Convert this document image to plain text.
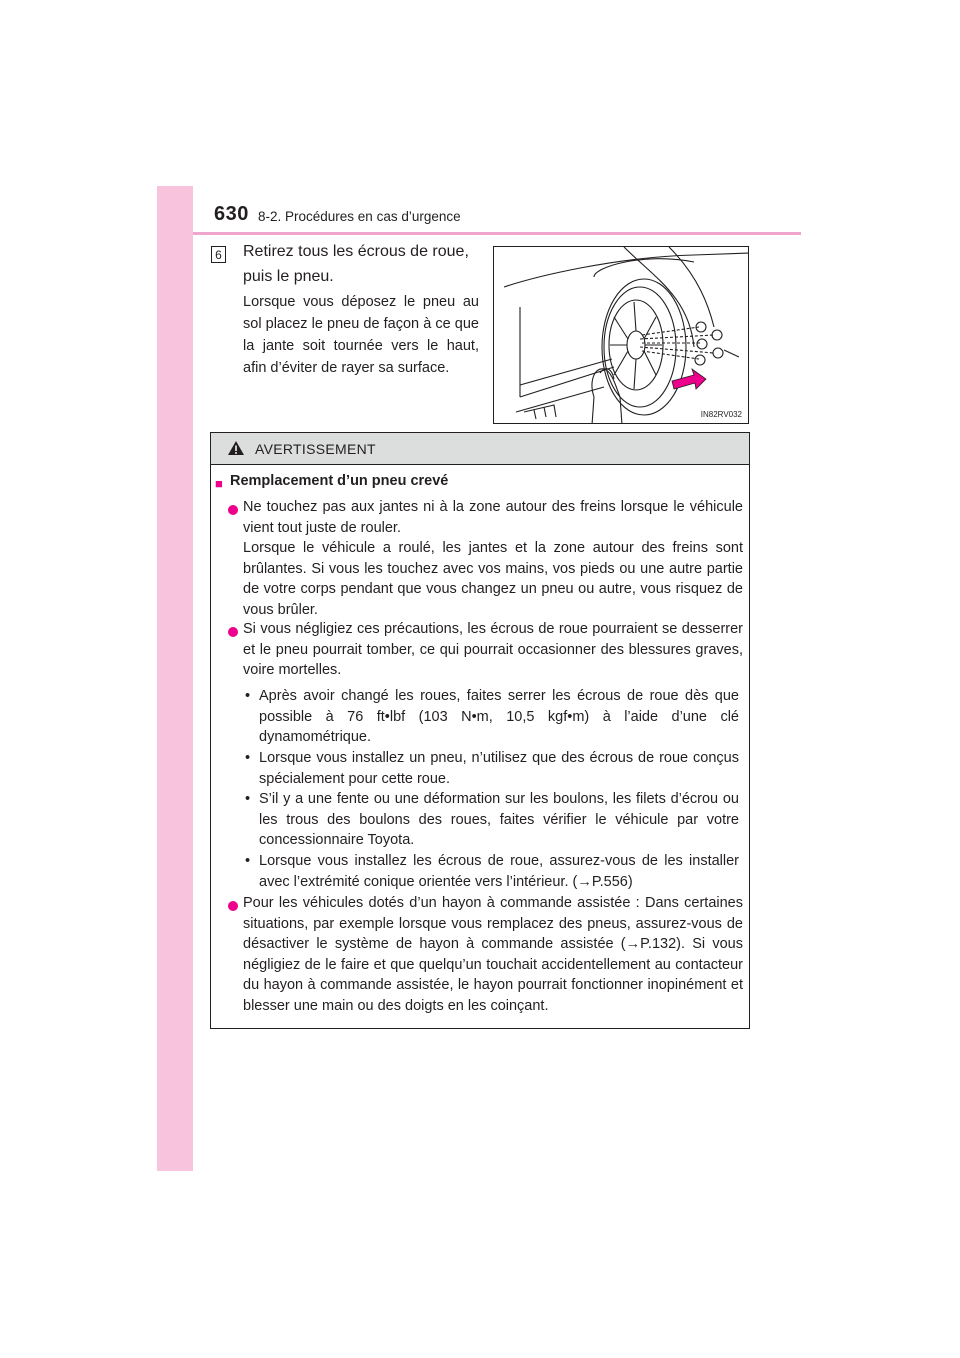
630 8-2. Procédures en cas d’urgence
6 Retirez tous les écrous de roue, puis le pneu.
Lorsque vous déposez le pneu au sol placez le pneu de façon à ce que la jante soit tournée vers le haut, afin d’éviter de rayer sa surface.
IN82RV032
AVERTISSEMENT
■ Remplacement d’un pneu crevé
Ne touchez pas aux jantes ni à la zone autour des freins lorsque le véhicule vient tout juste de rouler.
Lorsque le véhicule a roulé, les jantes et la zone autour des freins sont brûlantes. Si vous les touchez avec vos mains, vos pieds ou une autre partie de votre corps pendant que vous changez un pneu ou autre, vous risquez de vous brûler.
Si vous négligiez ces précautions, les écrous de roue pourraient se desserrer et le pneu pourrait tomber, ce qui pourrait occasionner des blessures graves, voire mortelles.
• Après avoir changé les roues, faites serrer les écrous de roue dès que possible à 76 ft•lbf (103 N•m, 10,5 kgf•m) à l’aide d’une clé dynamométrique.
• Lorsque vous installez un pneu, n’utilisez que des écrous de roue conçus spécialement pour cette roue.
• S’il y a une fente ou une déformation sur les boulons, les filets d’écrou ou les trous des boulons des roues, faites vérifier le véhicule par votre concessionnaire Toyota.
• Lorsque vous installez les écrous de roue, assurez-vous de les installer avec l’extrémité conique orientée vers l’intérieur. (→P.556)
Pour les véhicules dotés d’un hayon à commande assistée : Dans certaines situations, par exemple lorsque vous remplacez des pneus, assurez-vous de désactiver le système de hayon à commande assistée (→P.132). Si vous négligiez de le faire et que quelqu’un touchait accidentellement au contacteur du hayon à commande assistée, le hayon pourrait fonctionner inopinément et blesser une main ou des doigts en les coinçant.
